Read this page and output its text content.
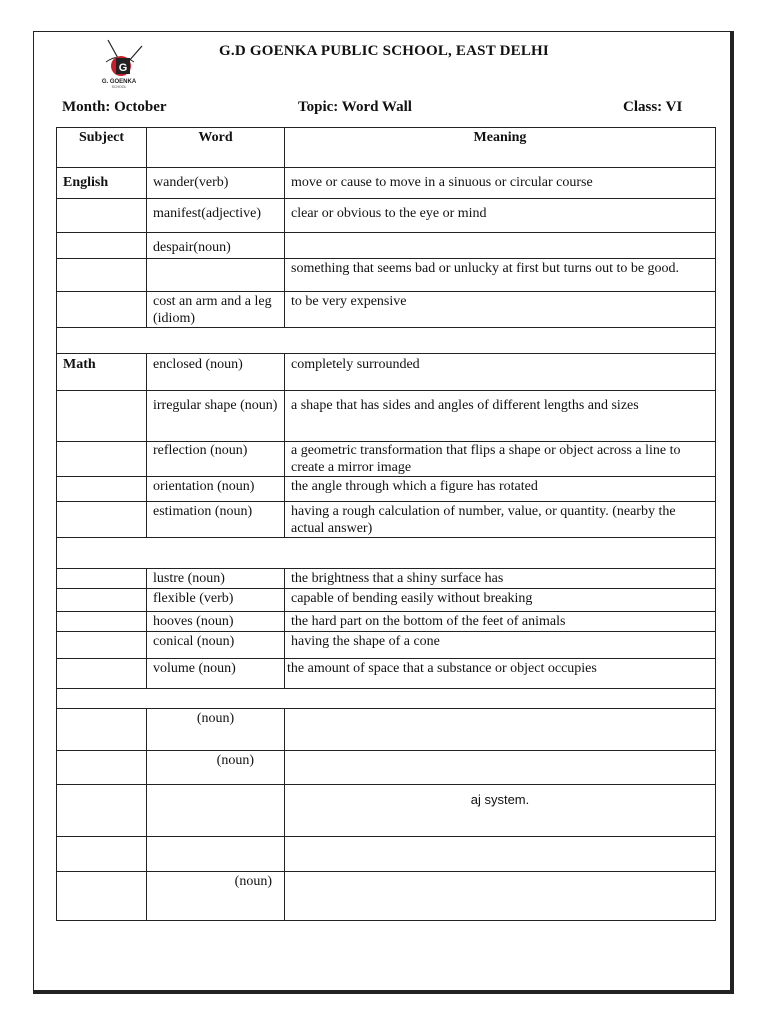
G
G. GOENKA
SCHOOL
G.D GOENKA PUBLIC SCHOOL, EAST DELHI
Month: October	Topic: Word Wall	Class: VI
Subject	Word	Meaning
English	wander(verb)	move or cause to move in a sinuous or circular course
	manifest(adjective)	clear or obvious to the eye or mind
	despair(noun)	
		something that seems bad or unlucky at first but turns out to be good.
	cost an arm and a leg (idiom)	to be very expensive

Math	enclosed (noun)	completely surrounded
	irregular shape (noun)	a shape that has sides and angles of different lengths and sizes
	reflection (noun)	a geometric transformation that flips a shape or object across a line to create a mirror image
	orientation (noun)	the angle through which a figure has rotated
	estimation (noun)	having a rough calculation of number, value, or quantity. (nearby the actual answer)

	lustre (noun)	the brightness that a shiny surface has
	flexible (verb)	capable of bending easily without breaking
	hooves (noun)	the hard part on the bottom of the feet of animals
	conical (noun)	having the shape of a cone
	volume (noun)	the amount of space that a substance or object occupies

	(noun)	
	(noun)	
		aj system.

	(noun)	
